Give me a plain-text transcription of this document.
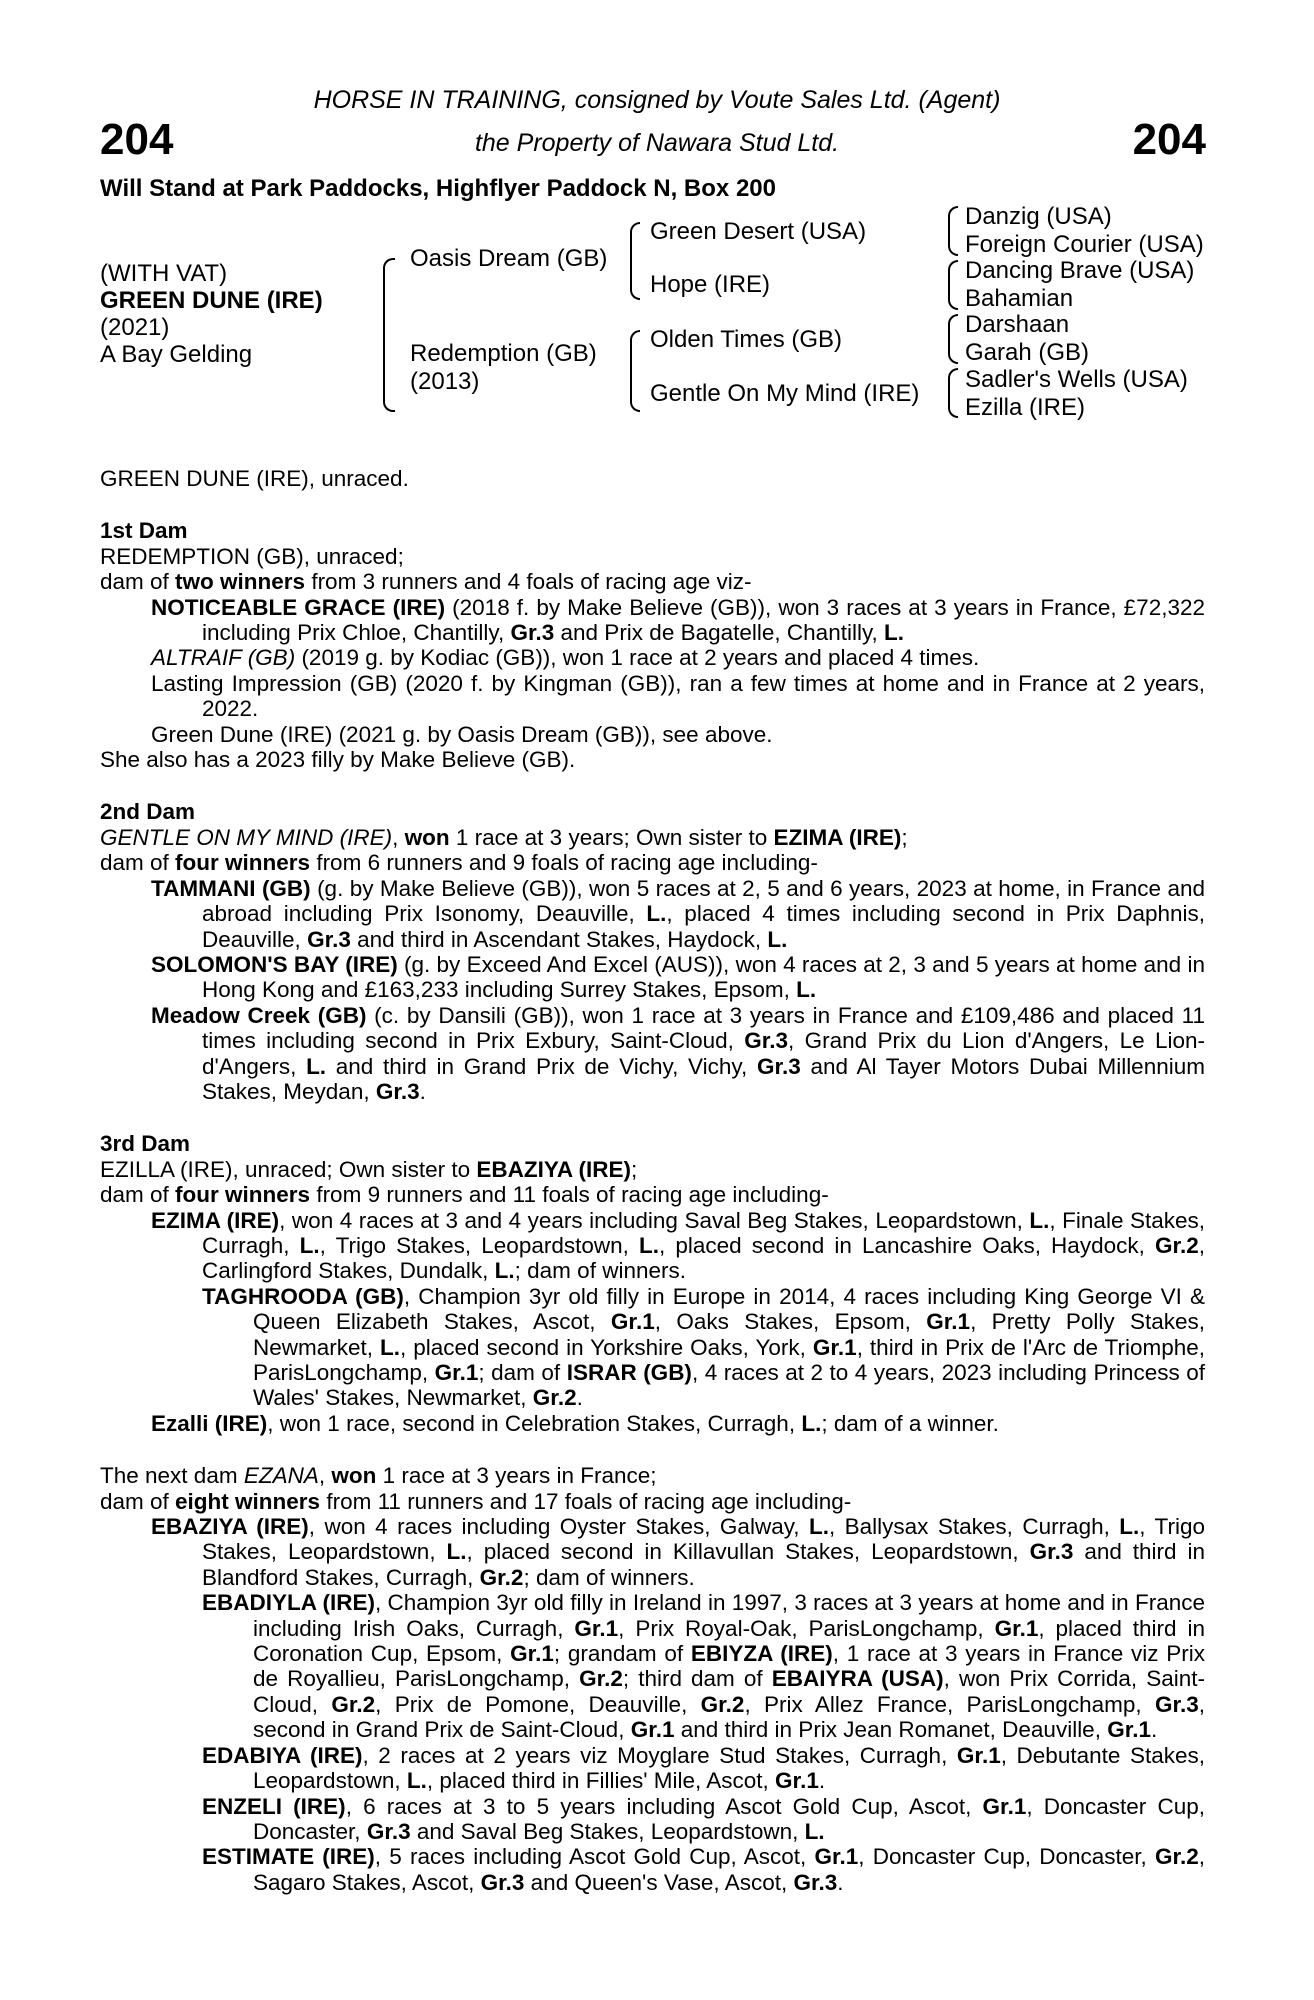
204	204
HORSE IN TRAINING, consigned by Voute Sales Ltd. (Agent)
the Property of Nawara Stud Ltd.
Will Stand at Park Paddocks, Highflyer Paddock N, Box 200
(WITH VAT)
GREEN DUNE (IRE)
(2021)
A Bay Gelding
Oasis Dream (GB)
Redemption (GB)
(2013)
Green Desert (USA)
Hope (IRE)
Olden Times (GB)
Gentle On My Mind (IRE)
Danzig (USA)
Foreign Courier (USA)
Dancing Brave (USA)
Bahamian
Darshaan
Garah (GB)
Sadler's Wells (USA)
Ezilla (IRE)

GREEN DUNE (IRE), unraced.

1st Dam

REDEMPTION (GB), unraced;

dam of two winners from 3 runners and 4 foals of racing age viz-

NOTICEABLE GRACE (IRE) (2018 f. by Make Believe (GB)), won 3 races at 3 years in France, £72,322 including Prix Chloe, Chantilly, Gr.3 and Prix de Bagatelle, Chantilly, L.

ALTRAIF (GB) (2019 g. by Kodiac (GB)), won 1 race at 2 years and placed 4 times.

Lasting Impression (GB) (2020 f. by Kingman (GB)), ran a few times at home and in France at 2 years, 2022.

Green Dune (IRE) (2021 g. by Oasis Dream (GB)), see above.

She also has a 2023 filly by Make Believe (GB).

2nd Dam

GENTLE ON MY MIND (IRE), won 1 race at 3 years; Own sister to EZIMA (IRE);

dam of four winners from 6 runners and 9 foals of racing age including-

TAMMANI (GB) (g. by Make Believe (GB)), won 5 races at 2, 5 and 6 years, 2023 at home, in France and abroad including Prix Isonomy, Deauville, L., placed 4 times including second in Prix Daphnis, Deauville, Gr.3 and third in Ascendant Stakes, Haydock, L.

SOLOMON'S BAY (IRE) (g. by Exceed And Excel (AUS)), won 4 races at 2, 3 and 5 years at home and in Hong Kong and £163,233 including Surrey Stakes, Epsom, L.

Meadow Creek (GB) (c. by Dansili (GB)), won 1 race at 3 years in France and £109,486 and placed 11 times including second in Prix Exbury, Saint-Cloud, Gr.3, Grand Prix du Lion d'Angers, Le Lion-d'Angers, L. and third in Grand Prix de Vichy, Vichy, Gr.3 and Al Tayer Motors Dubai Millennium Stakes, Meydan, Gr.3.

3rd Dam

EZILLA (IRE), unraced; Own sister to EBAZIYA (IRE);

dam of four winners from 9 runners and 11 foals of racing age including-

EZIMA (IRE), won 4 races at 3 and 4 years including Saval Beg Stakes, Leopardstown, L., Finale Stakes, Curragh, L., Trigo Stakes, Leopardstown, L., placed second in Lancashire Oaks, Haydock, Gr.2, Carlingford Stakes, Dundalk, L.; dam of winners.

TAGHROODA (GB), Champion 3yr old filly in Europe in 2014, 4 races including King George VI & Queen Elizabeth Stakes, Ascot, Gr.1, Oaks Stakes, Epsom, Gr.1, Pretty Polly Stakes, Newmarket, L., placed second in Yorkshire Oaks, York, Gr.1, third in Prix de l'Arc de Triomphe, ParisLongchamp, Gr.1; dam of ISRAR (GB), 4 races at 2 to 4 years, 2023 including Princess of Wales' Stakes, Newmarket, Gr.2.

Ezalli (IRE), won 1 race, second in Celebration Stakes, Curragh, L.; dam of a winner.

The next dam EZANA, won 1 race at 3 years in France;

dam of eight winners from 11 runners and 17 foals of racing age including-

EBAZIYA (IRE), won 4 races including Oyster Stakes, Galway, L., Ballysax Stakes, Curragh, L., Trigo Stakes, Leopardstown, L., placed second in Killavullan Stakes, Leopardstown, Gr.3 and third in Blandford Stakes, Curragh, Gr.2; dam of winners.

EBADIYLA (IRE), Champion 3yr old filly in Ireland in 1997, 3 races at 3 years at home and in France including Irish Oaks, Curragh, Gr.1, Prix Royal-Oak, ParisLongchamp, Gr.1, placed third in Coronation Cup, Epsom, Gr.1; grandam of EBIYZA (IRE), 1 race at 3 years in France viz Prix de Royallieu, ParisLongchamp, Gr.2; third dam of EBAIYRA (USA), won Prix Corrida, Saint-Cloud, Gr.2, Prix de Pomone, Deauville, Gr.2, Prix Allez France, ParisLongchamp, Gr.3, second in Grand Prix de Saint-Cloud, Gr.1 and third in Prix Jean Romanet, Deauville, Gr.1.

EDABIYA (IRE), 2 races at 2 years viz Moyglare Stud Stakes, Curragh, Gr.1, Debutante Stakes, Leopardstown, L., placed third in Fillies' Mile, Ascot, Gr.1.

ENZELI (IRE), 6 races at 3 to 5 years including Ascot Gold Cup, Ascot, Gr.1, Doncaster Cup, Doncaster, Gr.3 and Saval Beg Stakes, Leopardstown, L.

ESTIMATE (IRE), 5 races including Ascot Gold Cup, Ascot, Gr.1, Doncaster Cup, Doncaster, Gr.2, Sagaro Stakes, Ascot, Gr.3 and Queen's Vase, Ascot, Gr.3.
